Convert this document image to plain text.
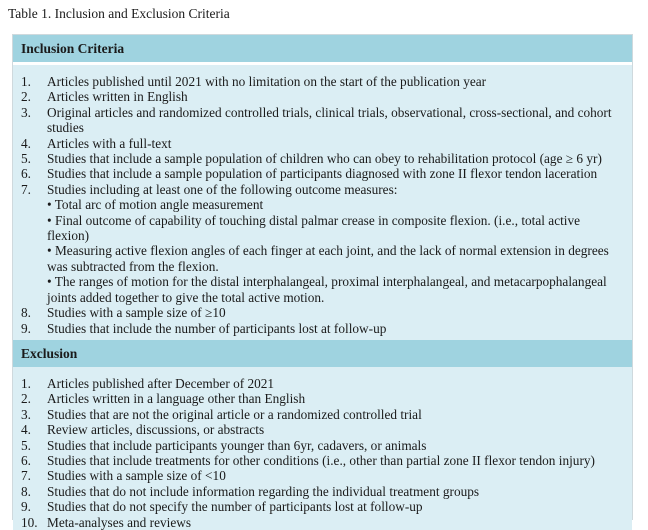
Table 1. Inclusion and Exclusion Criteria
Inclusion Criteria
1.	Articles published until 2021 with no limitation on the start of the publication year
2.	Articles written in English
3.	Original articles and randomized controlled trials, clinical trials, observational, cross-sectional, and cohort studies
4.	Articles with a full-text
5.	Studies that include a sample population of children who can obey to rehabilitation protocol (age ≥ 6 yr)
6.	Studies that include a sample population of participants diagnosed with zone II flexor tendon laceration
7.	Studies including at least one of the following outcome measures:
• Total arc of motion angle measurement
• Final outcome of capability of touching distal palmar crease in composite flexion. (i.e., total active flexion)
• Measuring active flexion angles of each finger at each joint, and the lack of normal extension in degrees was subtracted from the flexion.
• The ranges of motion for the distal interphalangeal, proximal interphalangeal, and metacarpophalangeal joints added together to give the total active motion.
8.	Studies with a sample size of ≥10
9.	Studies that include the number of participants lost at follow-up
Exclusion
1.	Articles published after December of 2021
2.	Articles written in a language other than English
3.	Studies that are not the original article or a randomized controlled trial
4.	Review articles, discussions, or abstracts
5.	Studies that include participants younger than 6yr, cadavers, or animals
6.	Studies that include treatments for other conditions (i.e., other than partial zone II flexor tendon injury)
7.	Studies with a sample size of <10
8.	Studies that do not include information regarding the individual treatment groups
9.	Studies that do not specify the number of participants lost at follow-up
10. Meta-analyses and reviews
